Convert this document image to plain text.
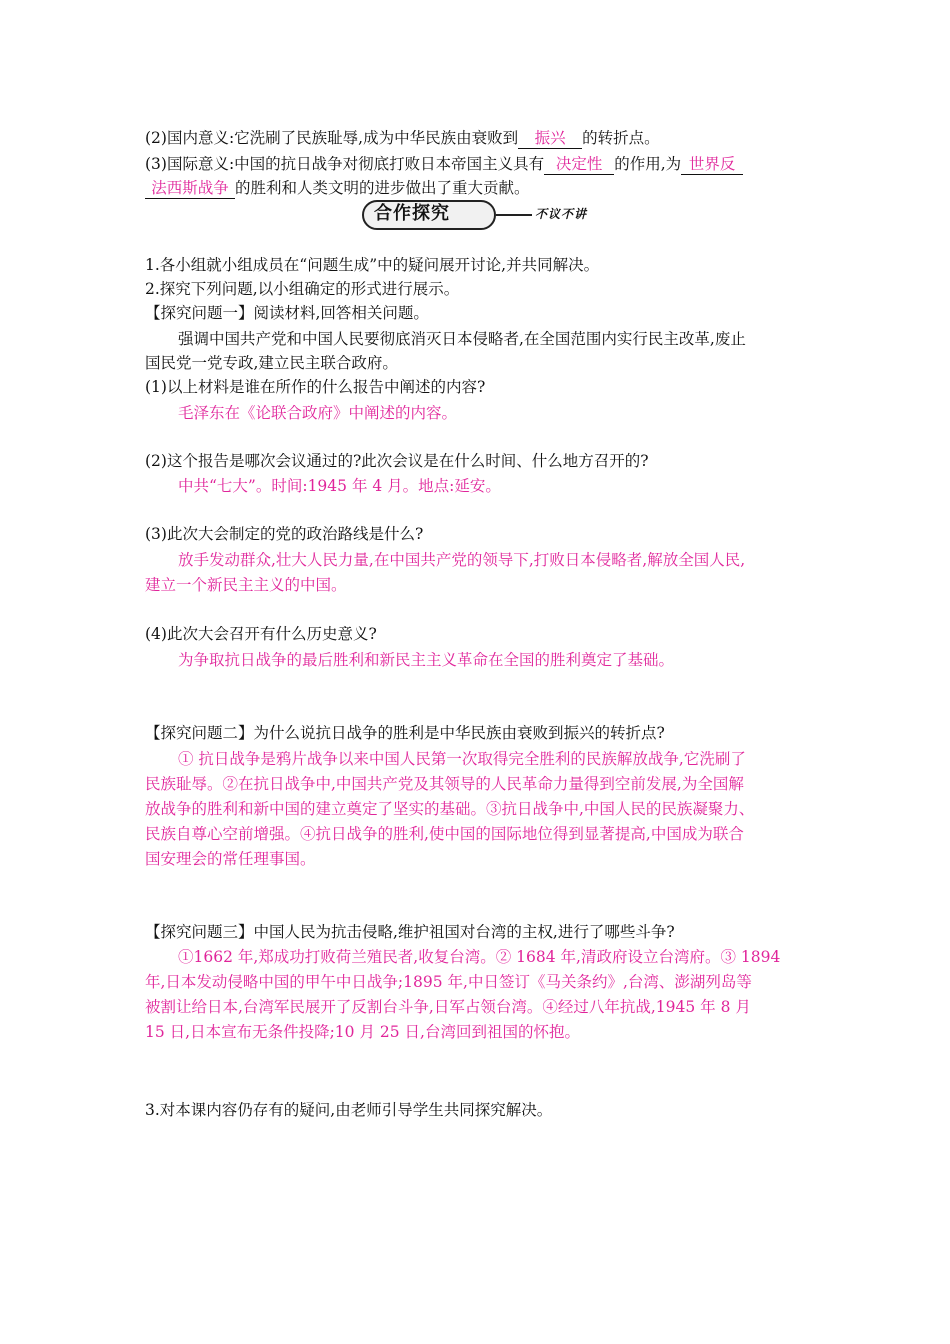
(2)国内意义:它洗刷了民族耻辱,成为中华民族由衰败到 振兴 的转折点。
(3)国际意义:中国的抗日战争对彻底打败日本帝国主义具有 决定性 的作用,为 世界反
法西斯战争 的胜利和人类文明的进步做出了重大贡献。
合作探究	不议不讲
1.各小组就小组成员在“问题生成”中的疑问展开讨论,并共同解决。
2.探究下列问题,以小组确定的形式进行展示。
【探究问题一】阅读材料,回答相关问题。
强调中国共产党和中国人民要彻底消灭日本侵略者,在全国范围内实行民主改革,废止
国民党一党专政,建立民主联合政府。
(1)以上材料是谁在所作的什么报告中阐述的内容?
毛泽东在《论联合政府》中阐述的内容。
(2)这个报告是哪次会议通过的?此次会议是在什么时间、什么地方召开的?
中共“七大”。时间:1945 年 4 月。地点:延安。
(3)此次大会制定的党的政治路线是什么?
放手发动群众,壮大人民力量,在中国共产党的领导下,打败日本侵略者,解放全国人民,
建立一个新民主主义的中国。
(4)此次大会召开有什么历史意义?
为争取抗日战争的最后胜利和新民主主义革命在全国的胜利奠定了基础。
【探究问题二】为什么说抗日战争的胜利是中华民族由衰败到振兴的转折点?
① 抗日战争是鸦片战争以来中国人民第一次取得完全胜利的民族解放战争,它洗刷了
民族耻辱。②在抗日战争中,中国共产党及其领导的人民革命力量得到空前发展,为全国解
放战争的胜利和新中国的建立奠定了坚实的基础。③抗日战争中,中国人民的民族凝聚力、
民族自尊心空前增强。④抗日战争的胜利,使中国的国际地位得到显著提高,中国成为联合
国安理会的常任理事国。
【探究问题三】中国人民为抗击侵略,维护祖国对台湾的主权,进行了哪些斗争?
①1662 年,郑成功打败荷兰殖民者,收复台湾。② 1684 年,清政府设立台湾府。③ 1894
年,日本发动侵略中国的甲午中日战争;1895 年,中日签订《马关条约》,台湾、澎湖列岛等
被割让给日本,台湾军民展开了反割台斗争,日军占领台湾。④经过八年抗战,1945 年 8 月
15 日,日本宣布无条件投降;10 月 25 日,台湾回到祖国的怀抱。
3.对本课内容仍存有的疑问,由老师引导学生共同探究解决。
